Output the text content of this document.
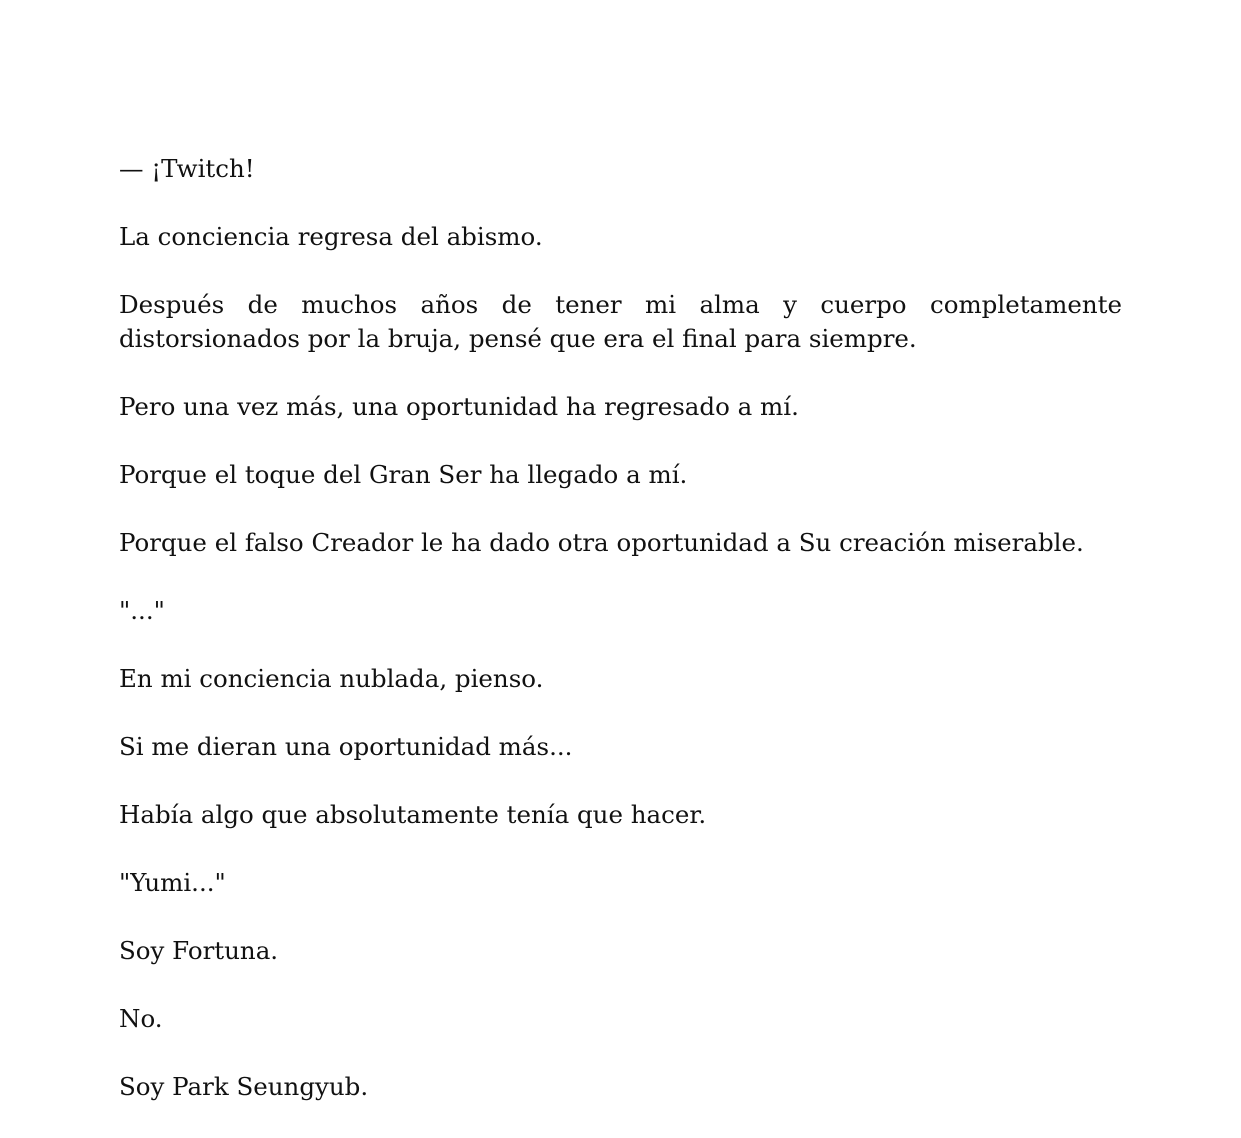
— ¡Twitch!

La conciencia regresa del abismo.

Después de muchos años de tener mi alma y cuerpo completamente distorsionados por la bruja, pensé que era el final para siempre.

Pero una vez más, una oportunidad ha regresado a mí.

Porque el toque del Gran Ser ha llegado a mí.

Porque el falso Creador le ha dado otra oportunidad a Su creación miserable.

"..."

En mi conciencia nublada, pienso.

Si me dieran una oportunidad más...

Había algo que absolutamente tenía que hacer.

"Yumi..."

Soy Fortuna.

No.

Soy Park Seungyub.
